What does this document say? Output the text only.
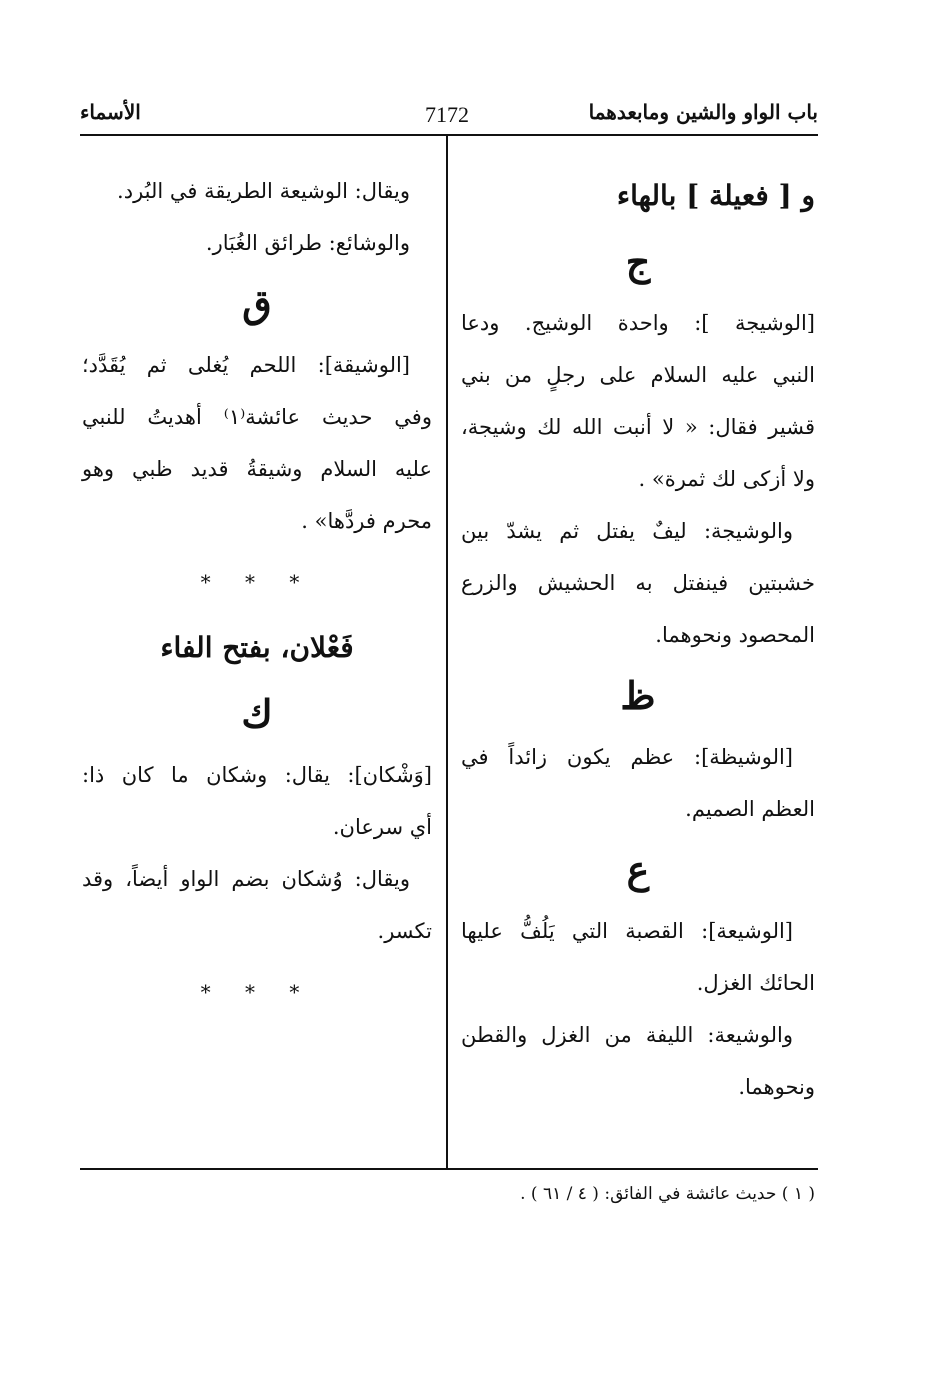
باب الواو والشين ومابعدهما
7172
الأسماء
و [ فعيلة ] بالهاء
ج
[الوشيجة ]: واحدة الوشيج. ودعا
النبي عليه السلام على رجلٍ من بني
قشير فقال: « لا أنبت الله لك وشيجة،
ولا أزكى لك ثمرة» .
والوشيجة: ليفٌ يفتل ثم يشدّ بين
خشبتين فينفتل به الحشيش والزرع
المحصود ونحوهما.
ظ
[الوشيظة]: عظم يكون زائداً في
العظم الصميم.
ع
[الوشيعة]: القصبة التي يَلُفُّ عليها
الحائك الغزل.
والوشيعة: الليفة من الغزل والقطن
ونحوهما.
ويقال: الوشيعة الطريقة في البُرد.
والوشائع: طرائق الغُبَار.
ق
[الوشيقة]: اللحم يُغلى ثم يُقَدَّد؛
وفي حديث عائشة⁽١⁾ أهديتُ للنبي
عليه السلام وشيقةُ قديد ظبي وهو
محرم فردَّها» .
* * *
فَعْلان، بفتح الفاء
ك
[وَشْكان]: يقال: وشكان ما كان ذا:
أي سرعان.
ويقال: وُشكان بضم الواو أيضاً، وقد
تكسر.
* * *
( ١ ) حديث عائشة في الفائق: ( ٤ / ٦١ ) .
